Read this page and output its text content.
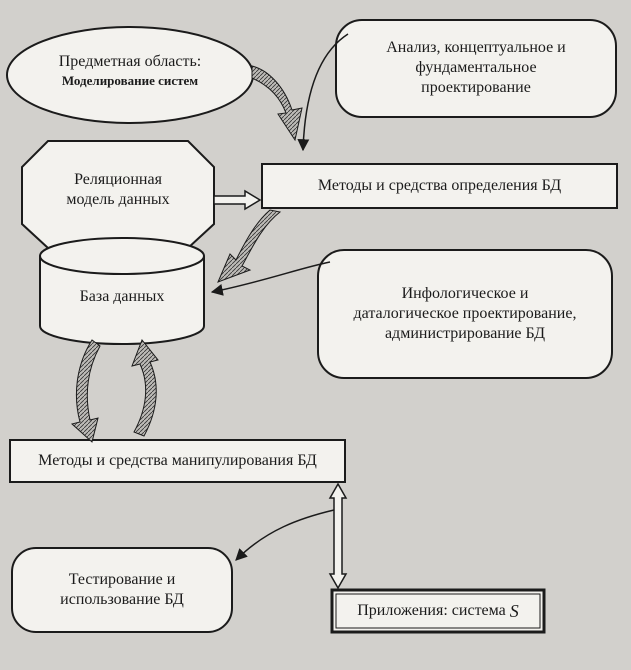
Предметная область:
Моделирование систем
Анализ, концептуальное и
фундаментальное
проектирование
Реляционная
модель данных
Методы и средства определения БД
База данных	Инфологическое и
даталогическое проектирование,
администрирование БД
Методы и средства манипулирования БД
Тестирование и
использование БД
Приложения: система S
